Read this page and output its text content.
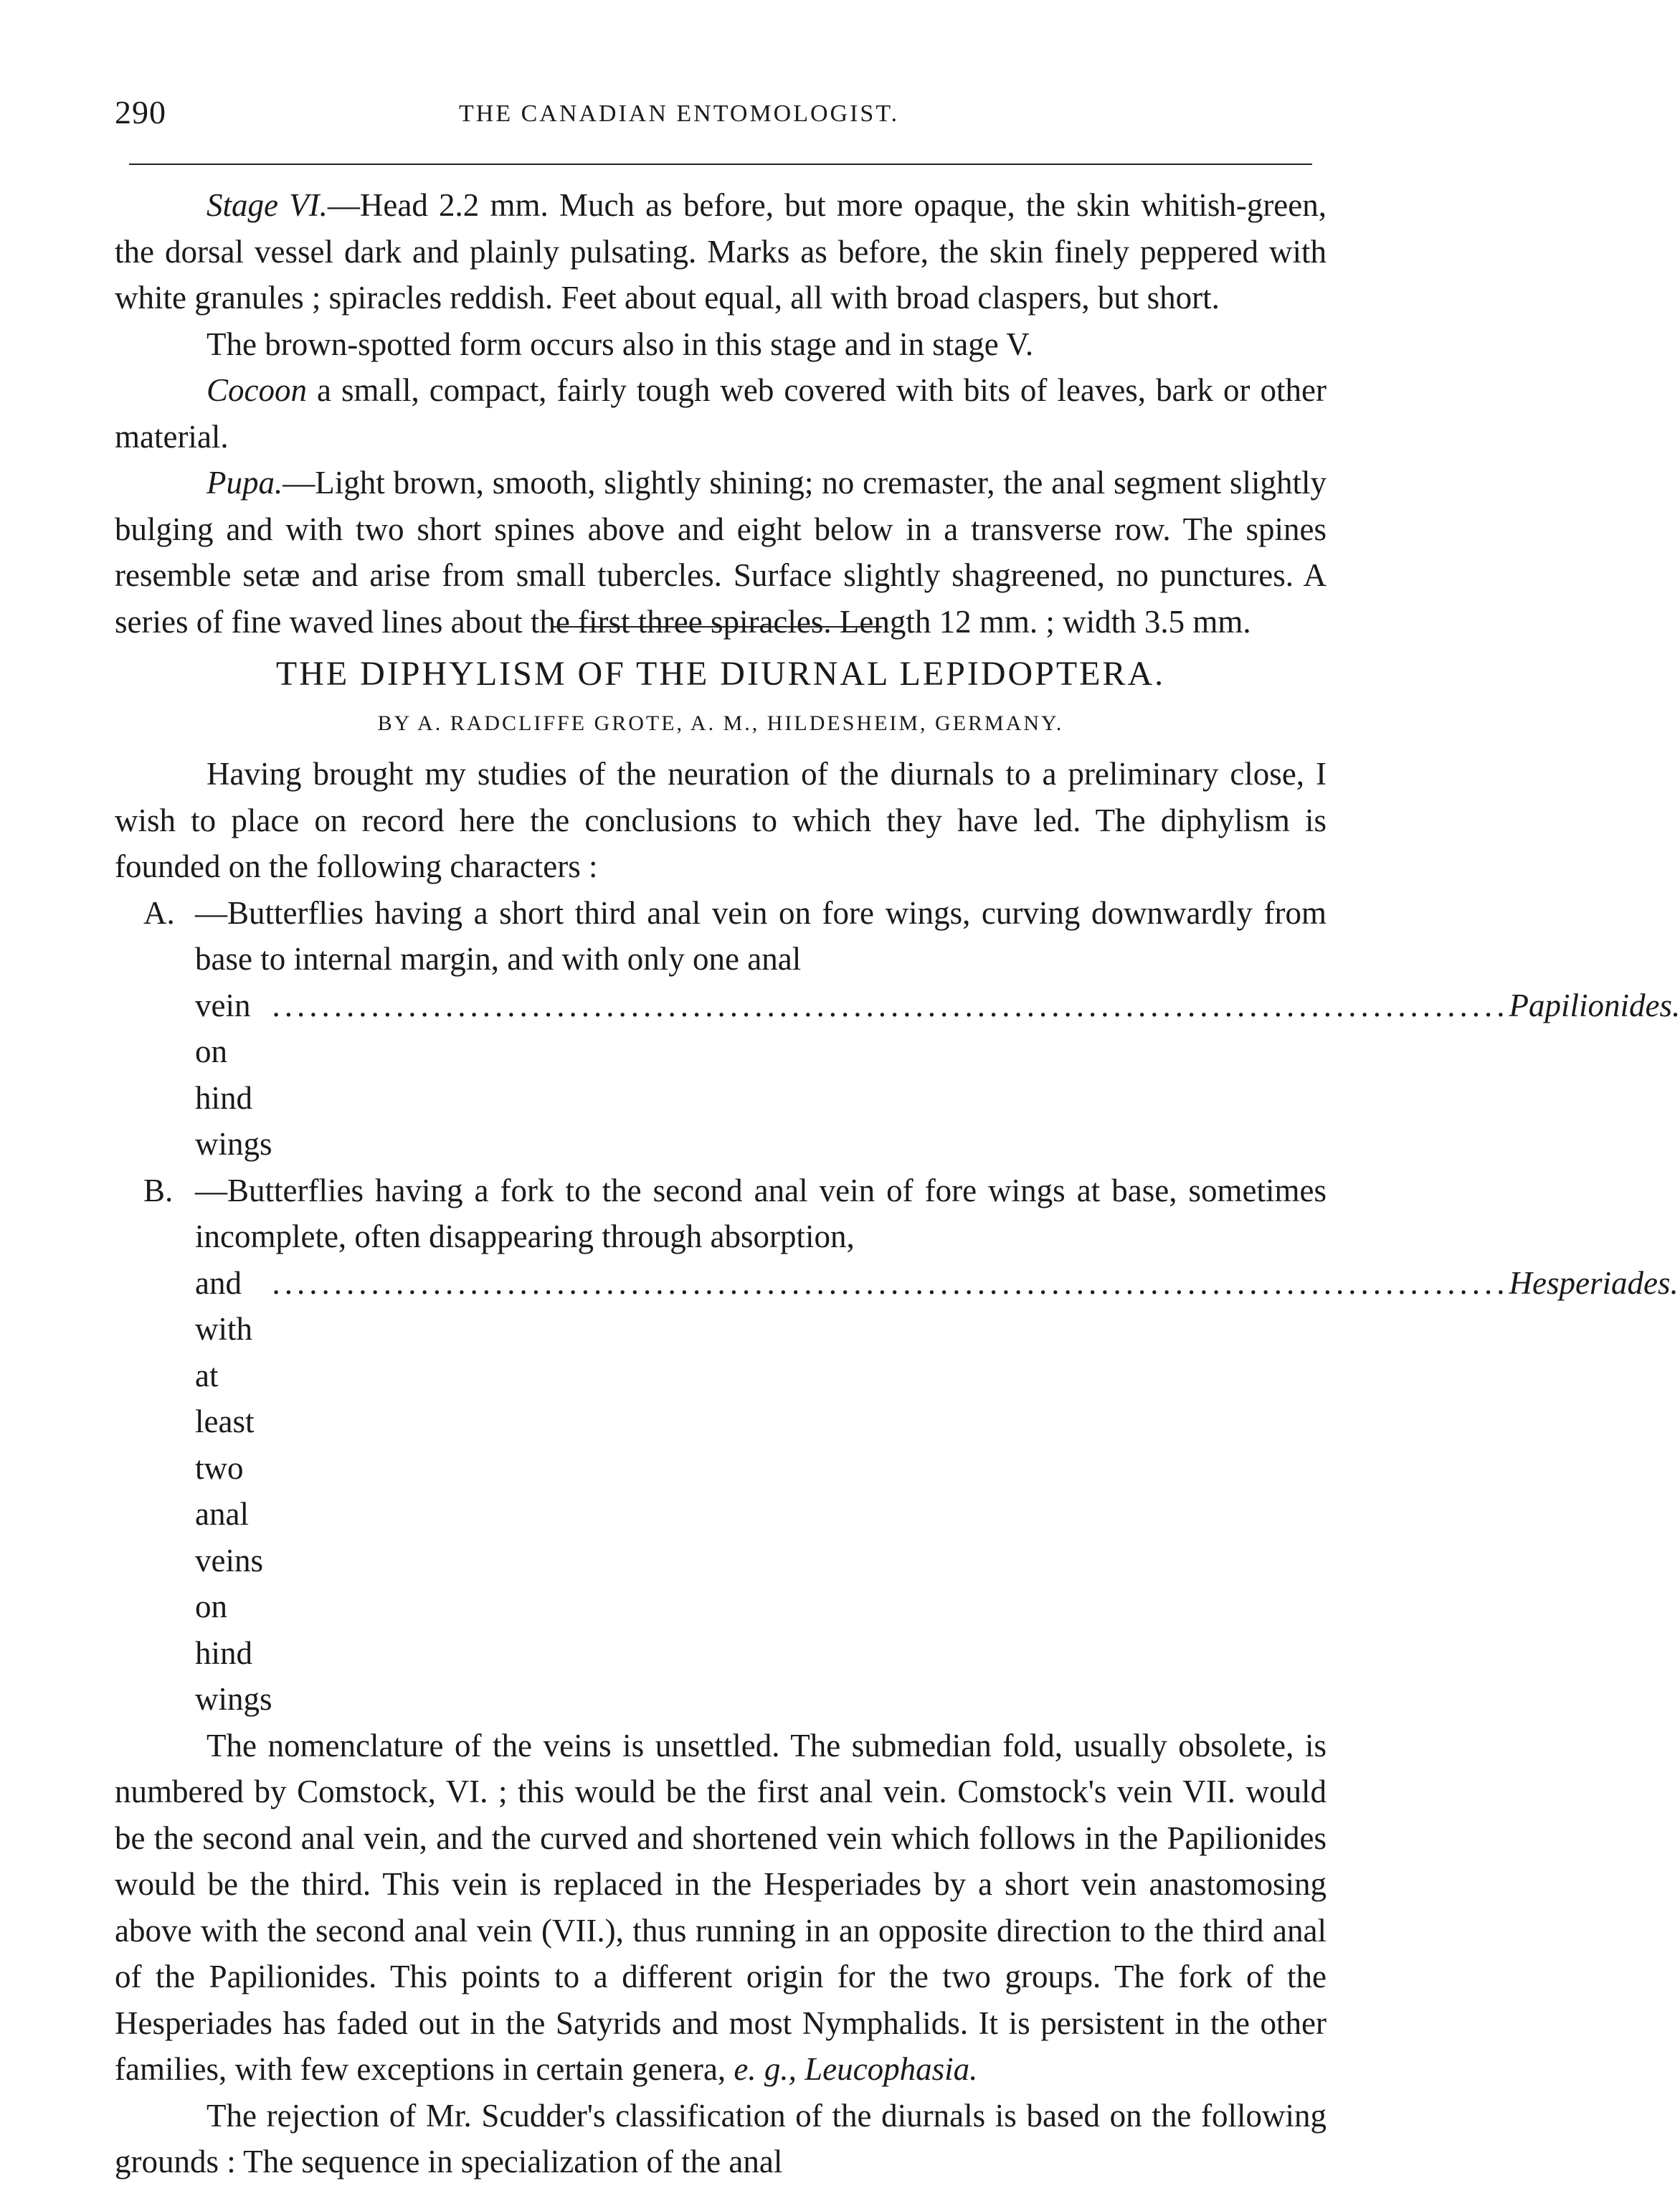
290	THE CANADIAN ENTOMOLOGIST.

Stage VI.—Head 2.2 mm. Much as before, but more opaque, the skin whitish-green, the dorsal vessel dark and plainly pulsating. Marks as before, the skin finely peppered with white granules ; spiracles reddish. Feet about equal, all with broad claspers, but short.

The brown-spotted form occurs also in this stage and in stage V.

Cocoon a small, compact, fairly tough web covered with bits of leaves, bark or other material.

Pupa.—Light brown, smooth, slightly shining; no cremaster, the anal segment slightly bulging and with two short spines above and eight below in a transverse row. The spines resemble setæ and arise from small tubercles. Surface slightly shagreened, no punctures. A series of fine waved lines about the first three spiracles. Length 12 mm. ; width 3.5 mm.

THE DIPHYLISM OF THE DIURNAL LEPIDOPTERA.
BY A. RADCLIFFE GROTE, A. M., HILDESHEIM, GERMANY.

Having brought my studies of the neuration of the diurnals to a preliminary close, I wish to place on record here the conclusions to which they have led. The diphylism is founded on the following characters :

A. —Butterflies having a short third anal vein on fore wings, curving downwardly from base to internal margin, and with only one anal

vein on hind wings
.................................................................................................... Papilionides.
B. —Butterflies having a fork to the second anal vein of fore wings at base, sometimes incomplete, often disappearing through absorption,

and with at least two anal veins on hind wings
.................................................................................................... Hesperiades.

The nomenclature of the veins is unsettled. The submedian fold, usually obsolete, is numbered by Comstock, VI. ; this would be the first anal vein. Comstock's vein VII. would be the second anal vein, and the curved and shortened vein which follows in the Papilionides would be the third. This vein is replaced in the Hesperiades by a short vein anastomosing above with the second anal vein (VII.), thus running in an opposite direction to the third anal of the Papilionides. This points to a different origin for the two groups. The fork of the Hesperiades has faded out in the Satyrids and most Nymphalids. It is persistent in the other families, with few exceptions in certain genera, e. g., Leucophasia.

The rejection of Mr. Scudder's classification of the diurnals is based on the following grounds : The sequence in specialization of the anal
